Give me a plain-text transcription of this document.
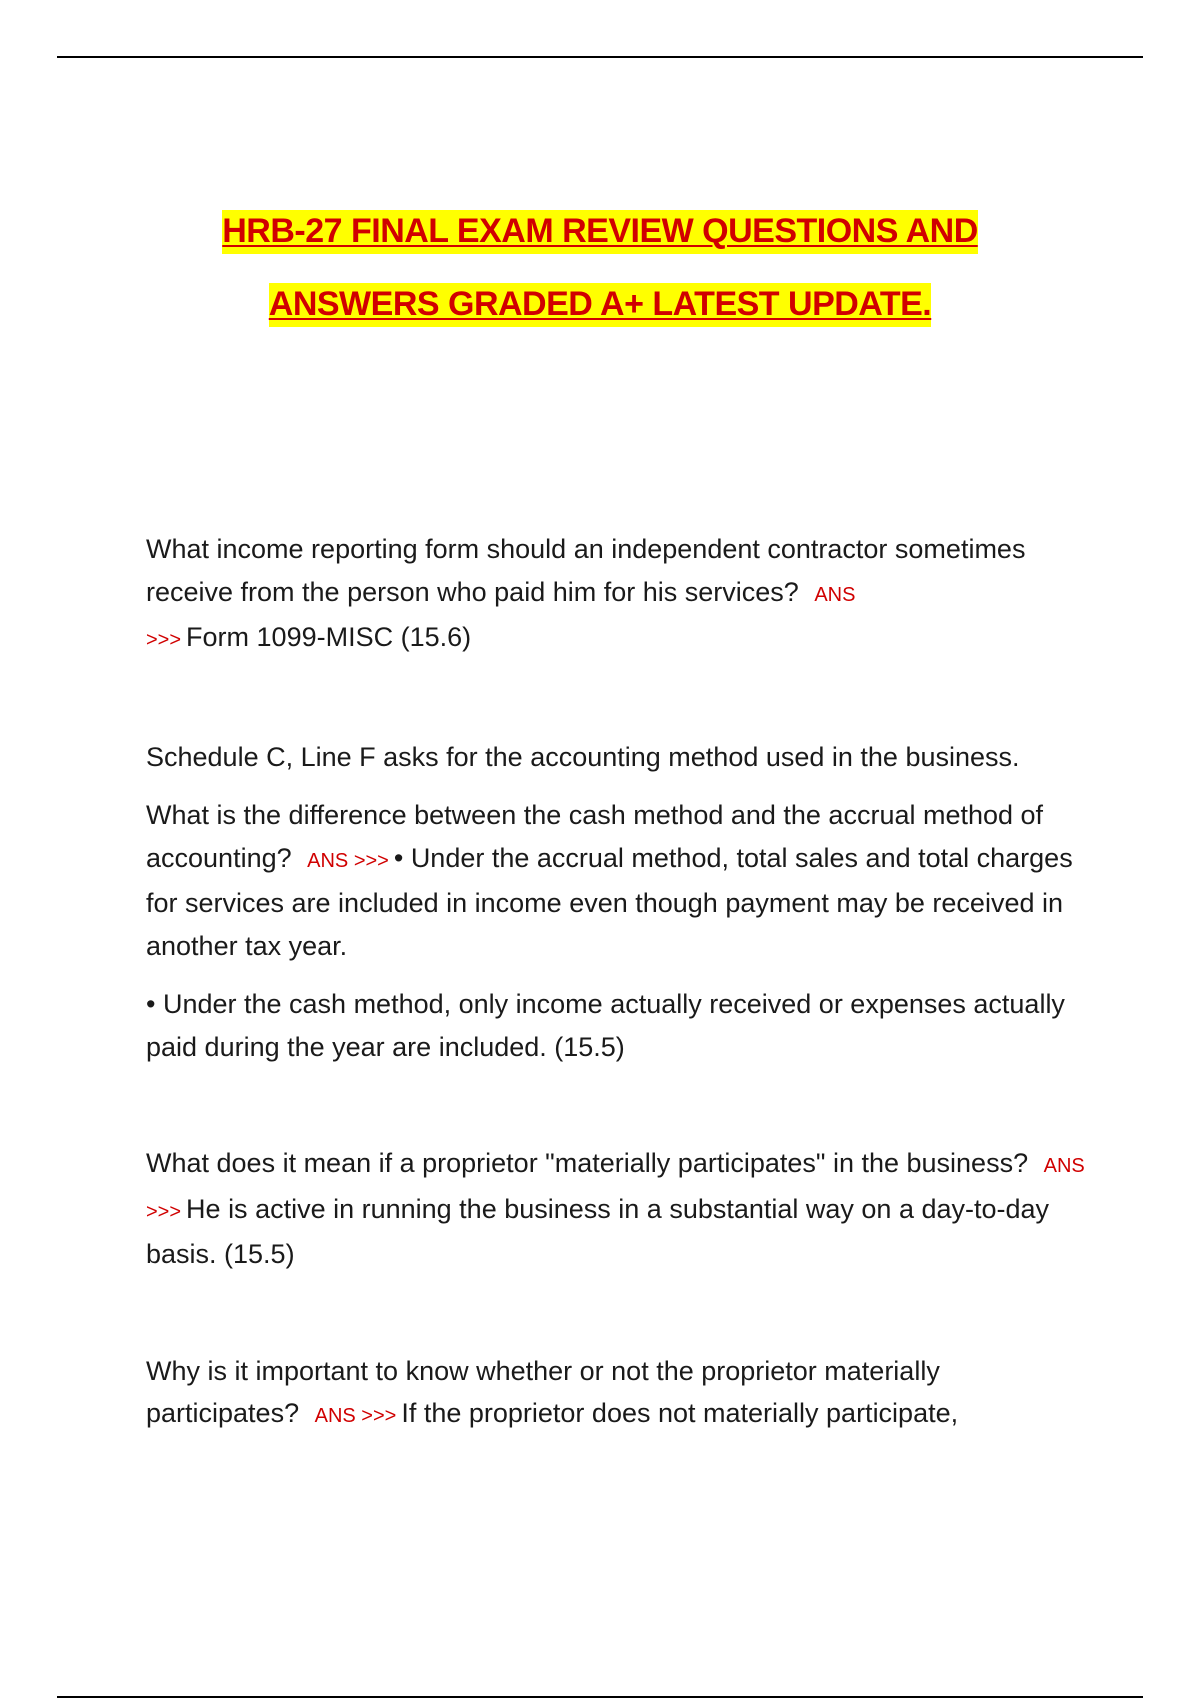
HRB-27 FINAL EXAM REVIEW QUESTIONS AND
ANSWERS GRADED A+ LATEST UPDATE.

What income reporting form should an independent contractor sometimes receive from the person who paid him for his services? ANS
>>> Form 1099-MISC (15.6)

Schedule C, Line F asks for the accounting method used in the business.

What is the difference between the cash method and the accrual method of accounting? ANS >>> • Under the accrual method, total sales and total charges for services are included in income even though payment may be received in another tax year.

• Under the cash method, only income actually received or expenses actually paid during the year are included. (15.5)

What does it mean if a proprietor "materially participates" in the business? ANS >>> He is active in running the business in a substantial way on a day-to-day basis. (15.5)

Why is it important to know whether or not the proprietor materially participates? ANS >>> If the proprietor does not materially participate,
